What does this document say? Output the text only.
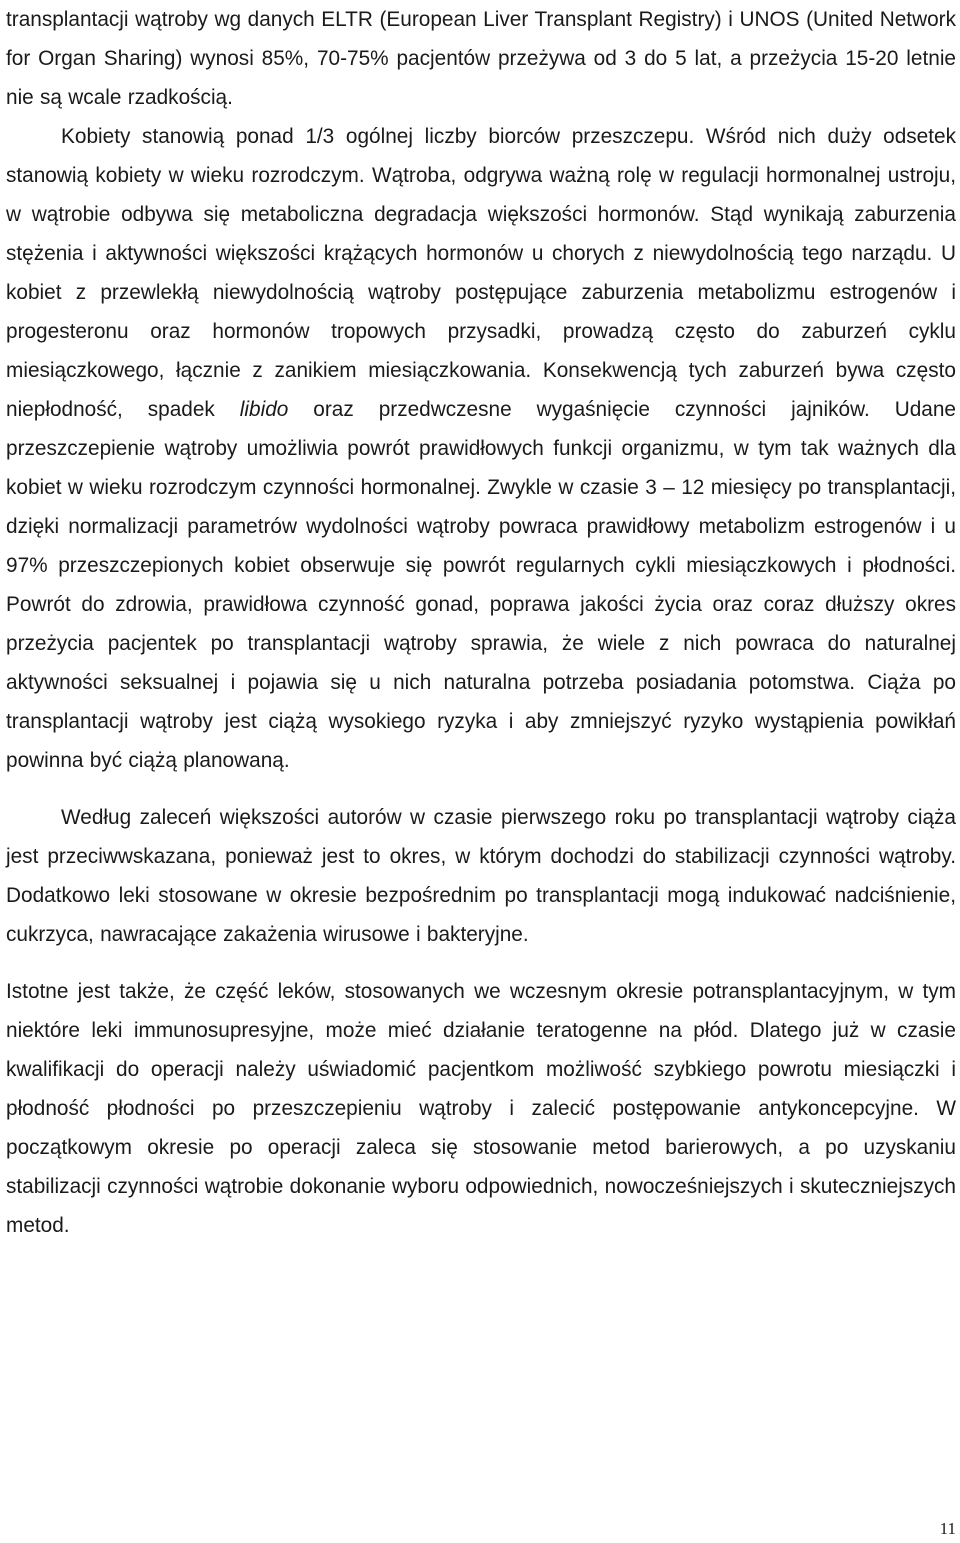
transplantacji wątroby wg danych ELTR (European Liver Transplant Registry) i UNOS (United Network for Organ Sharing) wynosi 85%, 70-75% pacjentów przeżywa od 3 do 5 lat, a przeżycia 15-20 letnie nie są wcale rzadkością.

Kobiety stanowią ponad 1/3 ogólnej liczby biorców przeszczepu. Wśród nich duży odsetek stanowią kobiety w wieku rozrodczym. Wątroba, odgrywa ważną rolę w regulacji hormonalnej ustroju, w wątrobie odbywa się metaboliczna degradacja większości hormonów. Stąd wynikają zaburzenia stężenia i aktywności większości krążących hormonów u chorych z niewydolnością tego narządu. U kobiet z przewlekłą niewydolnością wątroby postępujące zaburzenia metabolizmu estrogenów i progesteronu oraz hormonów tropowych przysadki, prowadzą często do zaburzeń cyklu miesiączkowego, łącznie z zanikiem miesiączkowania. Konsekwencją tych zaburzeń bywa często niepłodność, spadek libido oraz przedwczesne wygaśnięcie czynności jajników. Udane przeszczepienie wątroby umożliwia powrót prawidłowych funkcji organizmu, w tym tak ważnych dla kobiet w wieku rozrodczym czynności hormonalnej. Zwykle w czasie 3 – 12 miesięcy po transplantacji, dzięki normalizacji parametrów wydolności wątroby powraca prawidłowy metabolizm estrogenów i u 97% przeszczepionych kobiet obserwuje się powrót regularnych cykli miesiączkowych i płodności. Powrót do zdrowia, prawidłowa czynność gonad, poprawa jakości życia oraz coraz dłuższy okres przeżycia pacjentek po transplantacji wątroby sprawia, że wiele z nich powraca do naturalnej aktywności seksualnej i pojawia się u nich naturalna potrzeba posiadania potomstwa. Ciąża po transplantacji wątroby jest ciążą wysokiego ryzyka i aby zmniejszyć ryzyko wystąpienia powikłań powinna być ciążą planowaną.

Według zaleceń większości autorów w czasie pierwszego roku po transplantacji wątroby ciąża jest przeciwwskazana, ponieważ jest to okres, w którym dochodzi do stabilizacji czynności wątroby. Dodatkowo leki stosowane w okresie bezpośrednim po transplantacji mogą indukować nadciśnienie, cukrzyca, nawracające zakażenia wirusowe i bakteryjne.

Istotne jest także, że część leków, stosowanych we wczesnym okresie potransplantacyjnym, w tym niektóre leki immunosupresyjne, może mieć działanie teratogenne na płód. Dlatego już w czasie kwalifikacji do operacji należy uświadomić pacjentkom możliwość szybkiego powrotu miesiączki i płodność płodności po przeszczepieniu wątroby i zalecić postępowanie antykoncepcyjne. W początkowym okresie po operacji zaleca się stosowanie metod barierowych, a po uzyskaniu stabilizacji czynności wątrobie dokonanie wyboru odpowiednich, nowocześniejszych i skuteczniejszych metod.

11
